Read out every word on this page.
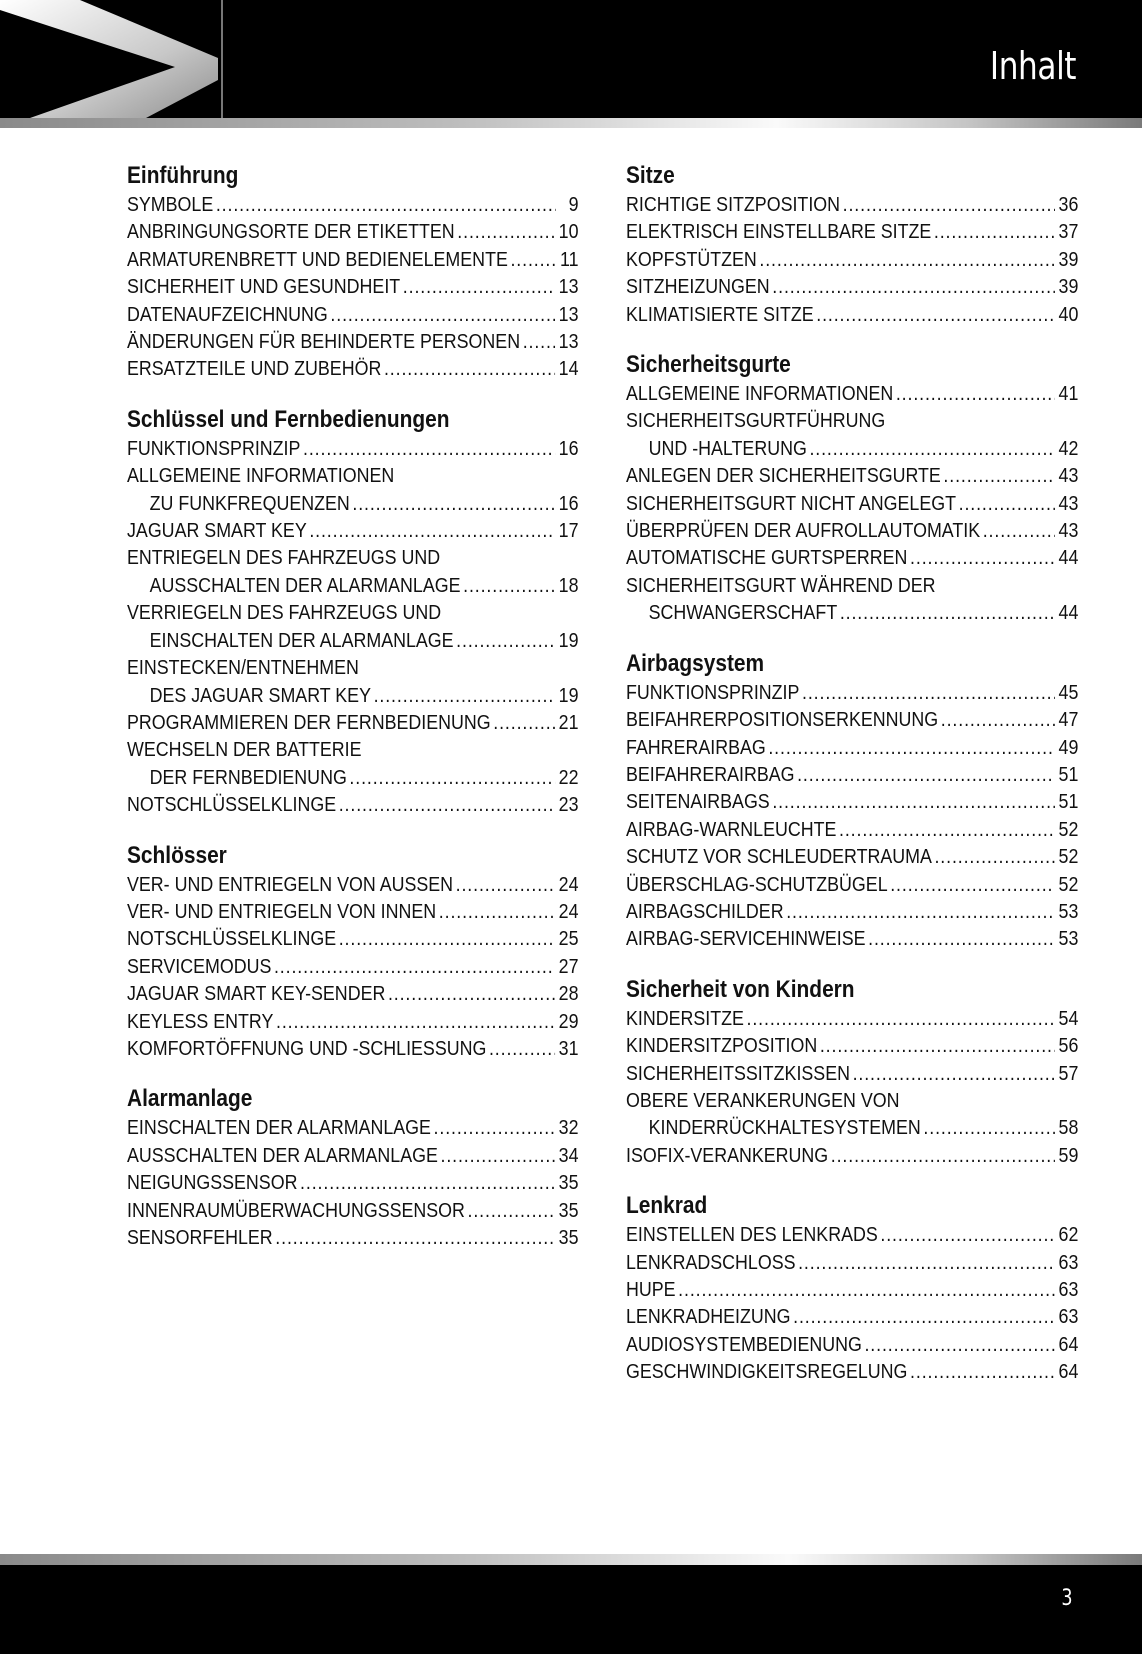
Inhalt
Einführung
SYMBOLE .....	9
ANBRINGUNGSORTE DER ETIKETTEN .....	10
ARMATURENBRETT UND BEDIENELEMENTE .....	11
SICHERHEIT UND GESUNDHEIT .....	13
DATENAUFZEICHNUNG .....	13
ÄNDERUNGEN FÜR BEHINDERTE PERSONEN ..... 13
ERSATZTEILE UND ZUBEHÖR .....	14
Schlüssel und Fernbedienungen
FUNKTIONSPRINZIP .....	16
ALLGEMEINE INFORMATIONEN
ZU FUNKFREQUENZEN .....	16
JAGUAR SMART KEY .....	17
ENTRIEGELN DES FAHRZEUGS UND
AUSSCHALTEN DER ALARMANLAGE .....	18
VERRIEGELN DES FAHRZEUGS UND
EINSCHALTEN DER ALARMANLAGE .....	19
EINSTECKEN/ENTNEHMEN
DES JAGUAR SMART KEY .....	19
PROGRAMMIEREN DER FERNBEDIENUNG .....	21
WECHSELN DER BATTERIE
DER FERNBEDIENUNG .....	22
NOTSCHLÜSSELKLINGE .....	23
Schlösser
VER- UND ENTRIEGELN VON AUSSEN .....	24
VER- UND ENTRIEGELN VON INNEN .....	24
NOTSCHLÜSSELKLINGE .....	25
SERVICEMODUS .....	27
JAGUAR SMART KEY-SENDER .....	28
KEYLESS ENTRY .....	29
KOMFORTÖFFNUNG UND -SCHLIESSUNG .....	31
Alarmanlage
EINSCHALTEN DER ALARMANLAGE .....	32
AUSSCHALTEN DER ALARMANLAGE .....	34
NEIGUNGSSENSOR .....	35
INNENRAUMÜBERWACHUNGSSENSOR .....	35
SENSORFEHLER .....	35
Sitze
RICHTIGE SITZPOSITION .....	36
ELEKTRISCH EINSTELLBARE SITZE .....	37
KOPFSTÜTZEN .....	39
SITZHEIZUNGEN .....	39
KLIMATISIERTE SITZE .....	40
Sicherheitsgurte
ALLGEMEINE INFORMATIONEN .....	41
SICHERHEITSGURTFÜHRUNG
UND -HALTERUNG .....	42
ANLEGEN DER SICHERHEITSGURTE .....	43
SICHERHEITSGURT NICHT ANGELEGT .....	43
ÜBERPRÜFEN DER AUFROLLAUTOMATIK .....	43
AUTOMATISCHE GURTSPERREN .....	44
SICHERHEITSGURT WÄHREND DER
SCHWANGERSCHAFT .....	44
Airbagsystem
FUNKTIONSPRINZIP .....	45
BEIFAHRERPOSITIONSERKENNUNG .....	47
FAHRERAIRBAG .....	49
BEIFAHRERAIRBAG .....	51
SEITENAIRBAGS .....	51
AIRBAG-WARNLEUCHTE .....	52
SCHUTZ VOR SCHLEUDERTRAUMA .....	52
ÜBERSCHLAG-SCHUTZBÜGEL .....	52
AIRBAGSCHILDER .....	53
AIRBAG-SERVICEHINWEISE .....	53
Sicherheit von Kindern
KINDERSITZE .....	54
KINDERSITZPOSITION .....	56
SICHERHEITSSITZKISSEN .....	57
OBERE VERANKERUNGEN VON
KINDERRÜCKHALTESYSTEMEN .....	58
ISOFIX-VERANKERUNG .....	59
Lenkrad
EINSTELLEN DES LENKRADS .....	62
LENKRADSCHLOSS .....	63
HUPE .....	63
LENKRADHEIZUNG .....	63
AUDIOSYSTEMBEDIENUNG .....	64
GESCHWINDIGKEITSREGELUNG .....	64
3
